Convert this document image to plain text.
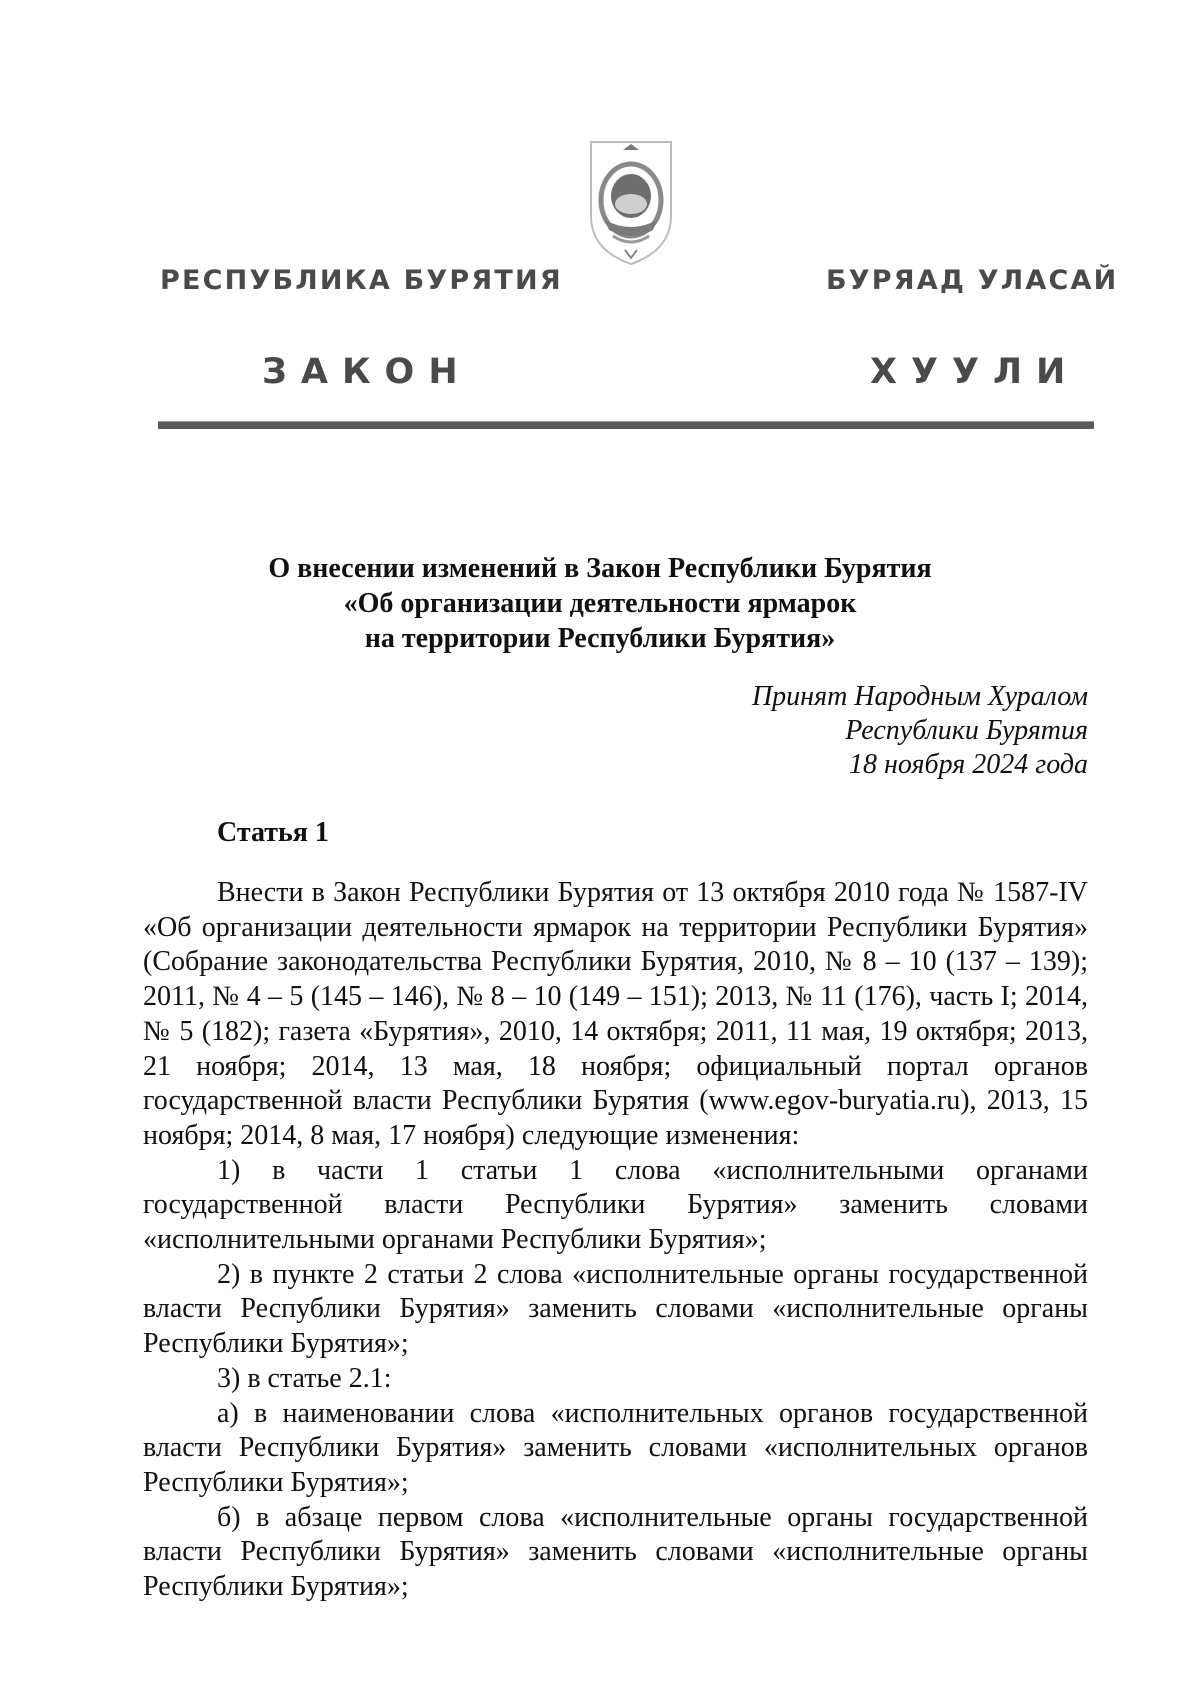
РЕСПУБЛИКА БУРЯТИЯ	БУРЯАД УЛАСАЙ
ЗАКОН	ХУУЛИ
О внесении изменений в Закон Республики Бурятия
«Об организации деятельности ярмарок
на территории Республики Бурятия»
Принят Народным Хуралом
Республики Бурятия
18 ноября 2024 года
Статья 1

Внести в Закон Республики Бурятия от 13 октября 2010 года № 1587-IV «Об организации деятельности ярмарок на территории Республики Бурятия» (Собрание законодательства Республики Бурятия, 2010, № 8 – 10 (137 – 139); 2011, № 4 – 5 (145 – 146), № 8 – 10 (149 – 151); 2013, № 11 (176), часть I; 2014, № 5 (182); газета «Бурятия», 2010, 14 октября; 2011, 11 мая, 19 октября; 2013, 21 ноября; 2014, 13 мая, 18 ноября; официальный портал органов государственной власти Республики Бурятия (www.egov-buryatia.ru), 2013, 15 ноября; 2014, 8 мая, 17 ноября) следующие изменения:

1) в части 1 статьи 1 слова «исполнительными органами государственной власти Республики Бурятия» заменить словами «исполнительными органами Республики Бурятия»;

2) в пункте 2 статьи 2 слова «исполнительные органы государственной власти Республики Бурятия» заменить словами «исполнительные органы Республики Бурятия»;

3) в статье 2.1:

а) в наименовании слова «исполнительных органов государственной власти Республики Бурятия» заменить словами «исполнительных органов Республики Бурятия»;

б) в абзаце первом слова «исполнительные органы государственной власти Республики Бурятия» заменить словами «исполнительные органы Республики Бурятия»;
